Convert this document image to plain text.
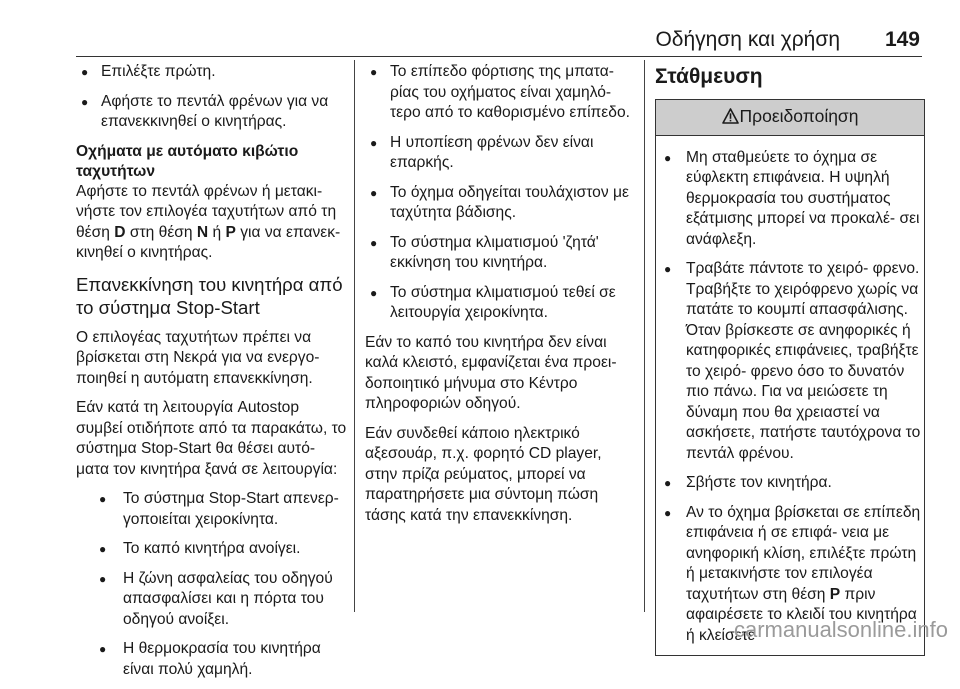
Οδήγηση και χρήση 149
● Επιλέξτε πρώτη.
● Αφήστε το πεντάλ φρένων για να επανεκκινηθεί ο κινητήρας.
Οχήματα με αυτόματο κιβώτιο ταχυτήτων

Αφήστε το πεντάλ φρένων ή μετακι- νήστε τον επιλογέα ταχυτήτων από τη θέση D στη θέση N ή P για να επανεκ- κινηθεί ο κινητήρας.

Επανεκκίνηση του κινητήρα από το σύστημα Stop-Start

Ο επιλογέας ταχυτήτων πρέπει να βρίσκεται στη Νεκρά για να ενεργο- ποιηθεί η αυτόματη επανεκκίνηση.

Εάν κατά τη λειτουργία Autostop συμβεί οτιδήποτε από τα παρακάτω, το σύστημα Stop-Start θα θέσει αυτό- ματα τον κινητήρα ξανά σε λειτουργία:

● Το σύστημα Stop-Start απενερ- γοποιείται χειροκίνητα.
● Το καπό κινητήρα ανοίγει.
● Η ζώνη ασφαλείας του οδηγού απασφαλίσει και η πόρτα του οδηγού ανοίξει.
● Η θερμοκρασία του κινητήρα είναι πολύ χαμηλή.
● Το επίπεδο φόρτισης της μπατα- ρίας του οχήματος είναι χαμηλό- τερο από το καθορισμένο επίπεδο.
● Η υποπίεση φρένων δεν είναι επαρκής.
● Το όχημα οδηγείται τουλάχιστον με ταχύτητα βάδισης.
● Το σύστημα κλιματισμού 'ζητά' εκκίνηση του κινητήρα.
● Το σύστημα κλιματισμού τεθεί σε λειτουργία χειροκίνητα.

Εάν το καπό του κινητήρα δεν είναι καλά κλειστό, εμφανίζεται ένα προει- δοποιητικό μήνυμα στο Κέντρο πληροφοριών οδηγού.

Εάν συνδεθεί κάποιο ηλεκτρικό αξεσουάρ, π.χ. φορητό CD player, στην πρίζα ρεύματος, μπορεί να παρατηρήσετε μια σύντομη πώση τάσης κατά την επανεκκίνηση.

Στάθμευση
Προειδοποίηση
● Μη σταθμεύετε το όχημα σε εύφλεκτη επιφάνεια. Η υψηλή θερμοκρασία του συστήματος εξάτμισης μπορεί να προκαλέ- σει ανάφλεξη.
● Τραβάτε πάντοτε το χειρό- φρενο. Τραβήξτε το χειρόφρενο χωρίς να πατάτε το κουμπί απασφάλισης. Όταν βρίσκεστε σε ανηφορικές ή κατηφορικές επιφάνειες, τραβήξτε το χειρό- φρενο όσο το δυνατόν πιο πάνω. Για να μειώσετε τη δύναμη που θα χρειαστεί να ασκήσετε, πατήστε ταυτόχρονα το πεντάλ φρένου.
● Σβήστε τον κινητήρα.
● Αν το όχημα βρίσκεται σε επίπεδη επιφάνεια ή σε επιφά- νεια με ανηφορική κλίση, επιλέξτε πρώτη ή μετακινήστε τον επιλογέα ταχυτήτων στη θέση P πριν αφαιρέσετε το κλειδί του κινητήρα ή κλείσετε
carmanualsonline.info
